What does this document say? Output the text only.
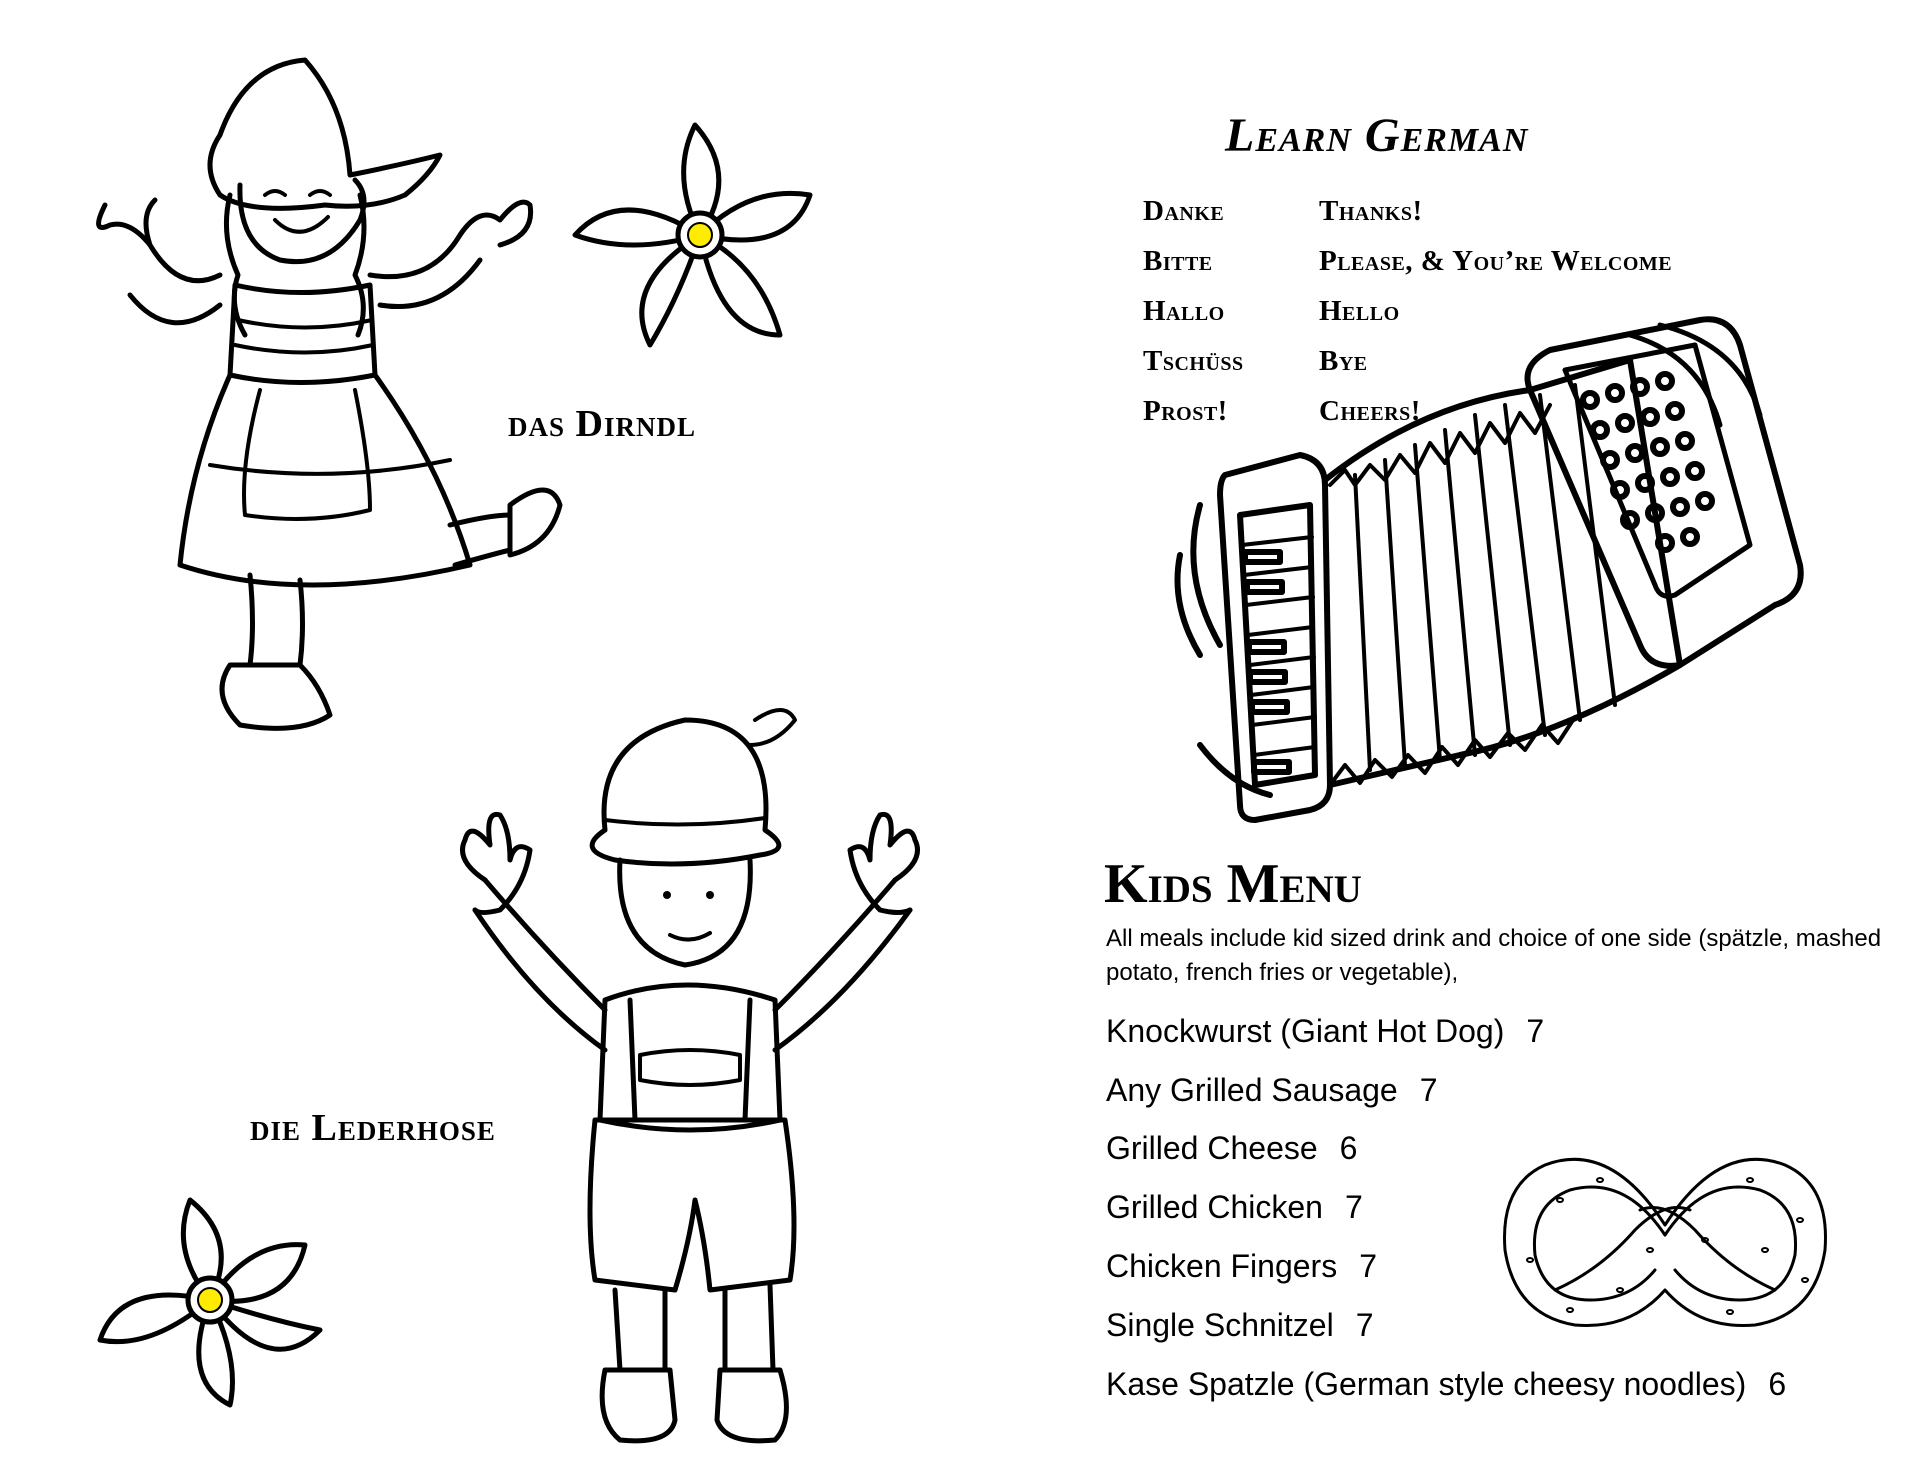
das Dirndl
die Lederhose
Learn German
Danke	Thanks!
Bitte	Please, & You’re Welcome
Hallo	Hello
Tschüss	Bye
Prost!	Cheers!
Kids Menu
All meals include kid sized drink and choice of one side (spätzle, mashed potato, french fries or vegetable),
Knockwurst (Giant Hot Dog) 7
Any Grilled Sausage 7
Grilled Cheese 6
Grilled Chicken 7
Chicken Fingers 7
Single Schnitzel 7
Kase Spatzle (German style cheesy noodles) 6
